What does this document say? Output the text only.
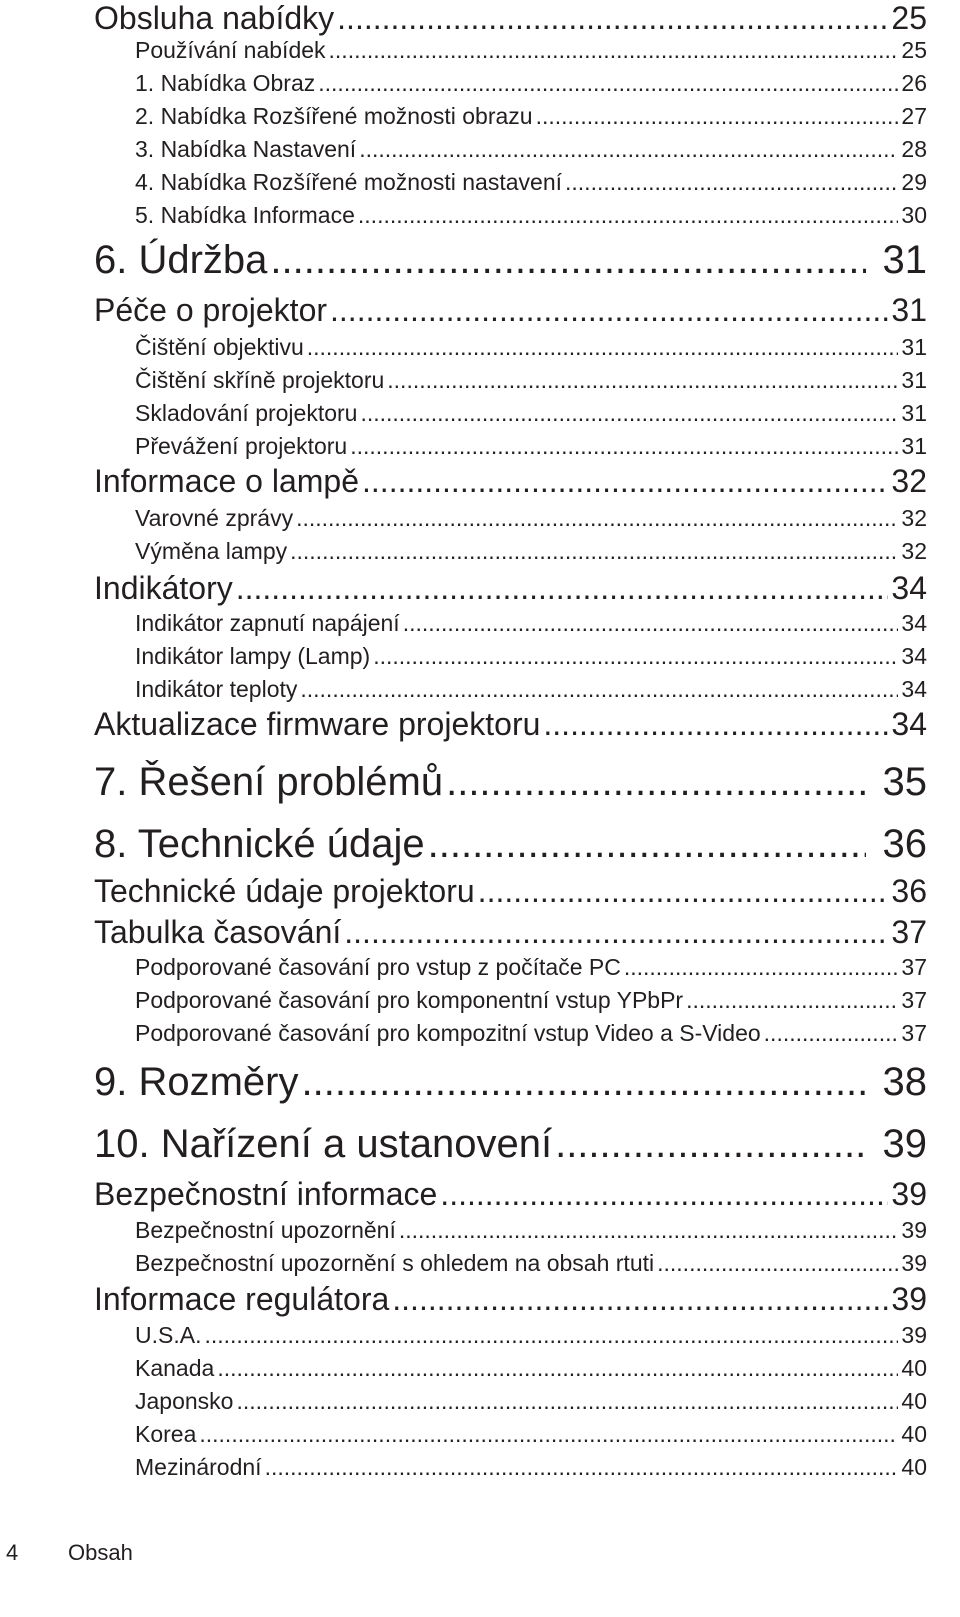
Obsluha nabídky .....	25
Používání nabídek .....	25
1. Nabídka Obraz .....	26
2. Nabídka Rozšířené možnosti obrazu .....	27
3. Nabídka Nastavení .....	28
4. Nabídka Rozšířené možnosti nastavení .....	29
5. Nabídka Informace .....	30
6. Údržba .....	31
Péče o projektor .....	31
Čištění objektivu .....	31
Čištění skříně projektoru .....	31
Skladování projektoru .....	31
Převážení projektoru .....	31
Informace o lampě .....	32
Varovné zprávy .....	32
Výměna lampy .....	32
Indikátory .....	34
Indikátor zapnutí napájení .....	34
Indikátor lampy (Lamp) .....	34
Indikátor teploty .....	34
Aktualizace firmware projektoru .....	34
7. Řešení problémů .....	35
8. Technické údaje .....	36
Technické údaje projektoru .....	36
Tabulka časování .....	37
Podporované časování pro vstup z počítače PC .....	37
Podporované časování pro komponentní vstup YPbPr .....	37
Podporované časování pro kompozitní vstup Video a S-Video .....	37
9. Rozměry .....	38
10. Nařízení a ustanovení .....	39
Bezpečnostní informace .....	39
Bezpečnostní upozornění .....	39
Bezpečnostní upozornění s ohledem na obsah rtuti .....	39
Informace regulátora .....	39
U.S.A. .....	39
Kanada .....	40
Japonsko .....	40
Korea .....	40
Mezinárodní .....	40
4 Obsah
